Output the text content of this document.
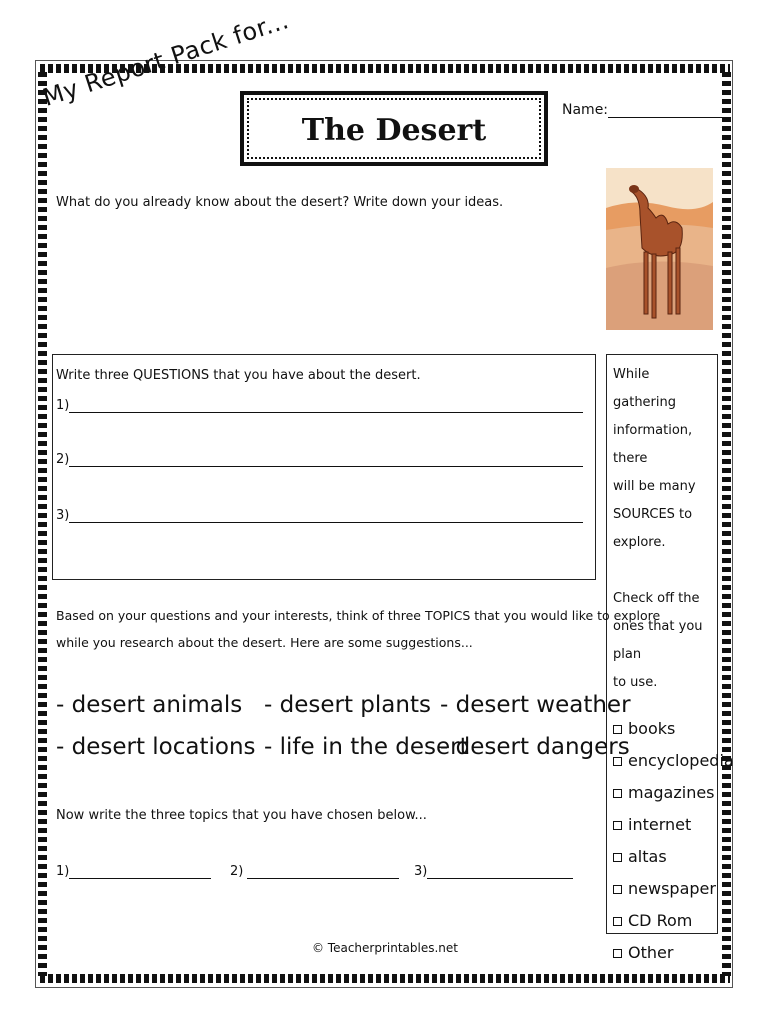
My Report Pack for...
The Desert
Name:
What do you already know about the desert? Write down your ideas.
Write three QUESTIONS that you have about the desert.
1)
2)
3)

While gathering

information, there

will be many

SOURCES to

explore.

Check off the

ones that you plan

to use.

books
encyclopedia
magazines
internet
altas
newspaper
CD Rom
Other
Based on your questions and your interests, think of three TOPICS that you would like to explore
while you research about the desert. Here are some suggestions...
- desert animals - desert plants - desert weather
- desert locations - life in the desert
- desert dangers
Now write the three topics that you have chosen below...
1)	2)	3)
© Teacherprintables.net
